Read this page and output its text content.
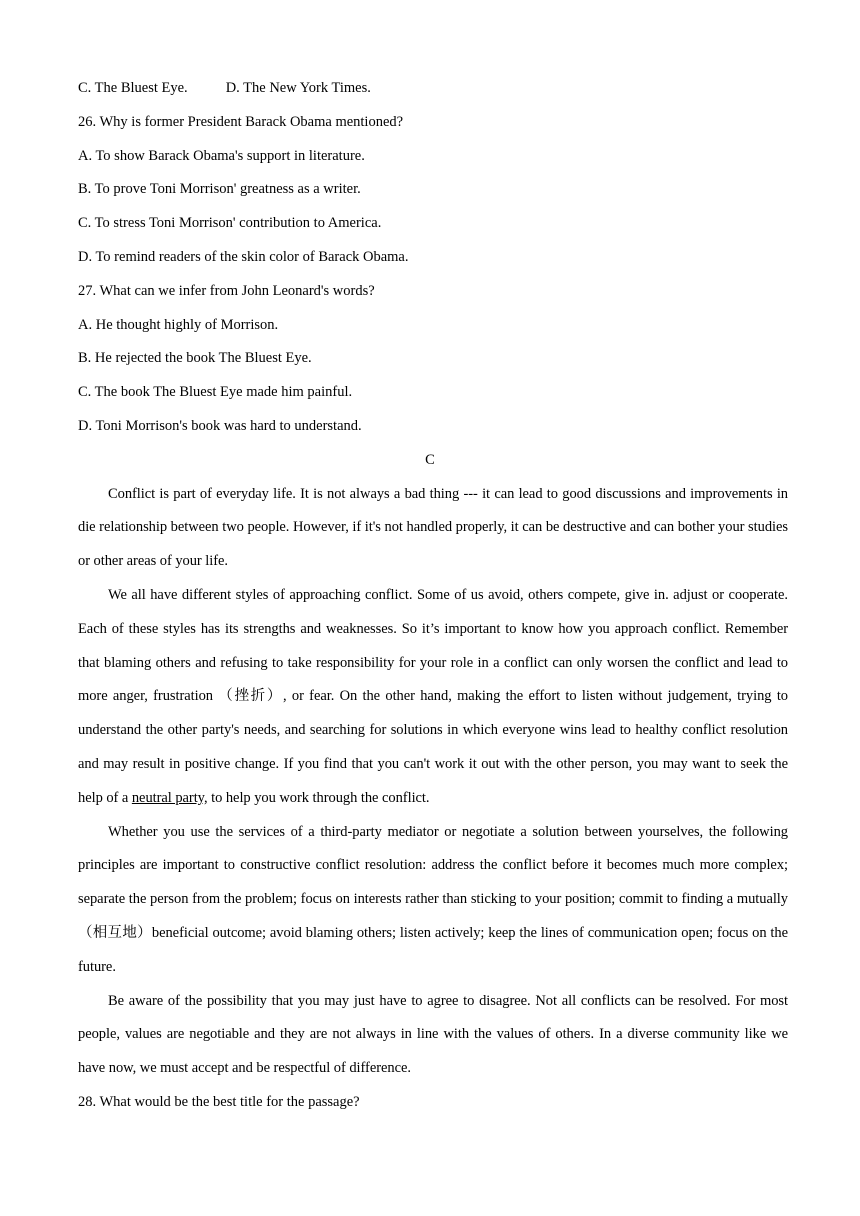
C. The Bluest Eye.	D. The New York Times.
26. Why is former President Barack Obama mentioned?
A. To show Barack Obama's support in literature.
B. To prove Toni Morrison' greatness as a writer.
C. To stress Toni Morrison' contribution to America.
D. To remind readers of the skin color of Barack Obama.
27. What can we infer from John Leonard's words?
A. He thought highly of Morrison.
B. He rejected the book The Bluest Eye.
C. The book The Bluest Eye made him painful.
D. Toni Morrison's book was hard to understand.
C

Conflict is part of everyday life. It is not always a bad thing --- it can lead to good discussions and improvements in die relationship between two people. However, if it's not handled properly, it can be destructive and can bother your studies or other areas of your life.

We all have different styles of approaching conflict. Some of us avoid, others compete, give in. adjust or cooperate. Each of these styles has its strengths and weaknesses. So it’s important to know how you approach conflict. Remember that blaming others and refusing to take responsibility for your role in a conflict can only worsen the conflict and lead to more anger, frustration （挫折）, or fear. On the other hand, making the effort to listen without judgement, trying to understand the other party's needs, and searching for solutions in which everyone wins lead to healthy conflict resolution and may result in positive change. If you find that you can't work it out with the other person, you may want to seek the help of a neutral party, to help you work through the conflict.

Whether you use the services of a third-party mediator or negotiate a solution between yourselves, the following principles are important to constructive conflict resolution: address the conflict before it becomes much more complex; separate the person from the problem; focus on interests rather than sticking to your position; commit to finding a mutually （相互地）beneficial outcome; avoid blaming others; listen actively; keep the lines of communication open; focus on the future.

Be aware of the possibility that you may just have to agree to disagree. Not all conflicts can be resolved. For most people, values are negotiable and they are not always in line with the values of others. In a diverse community like we have now, we must accept and be respectful of difference.

28. What would be the best title for the passage?
